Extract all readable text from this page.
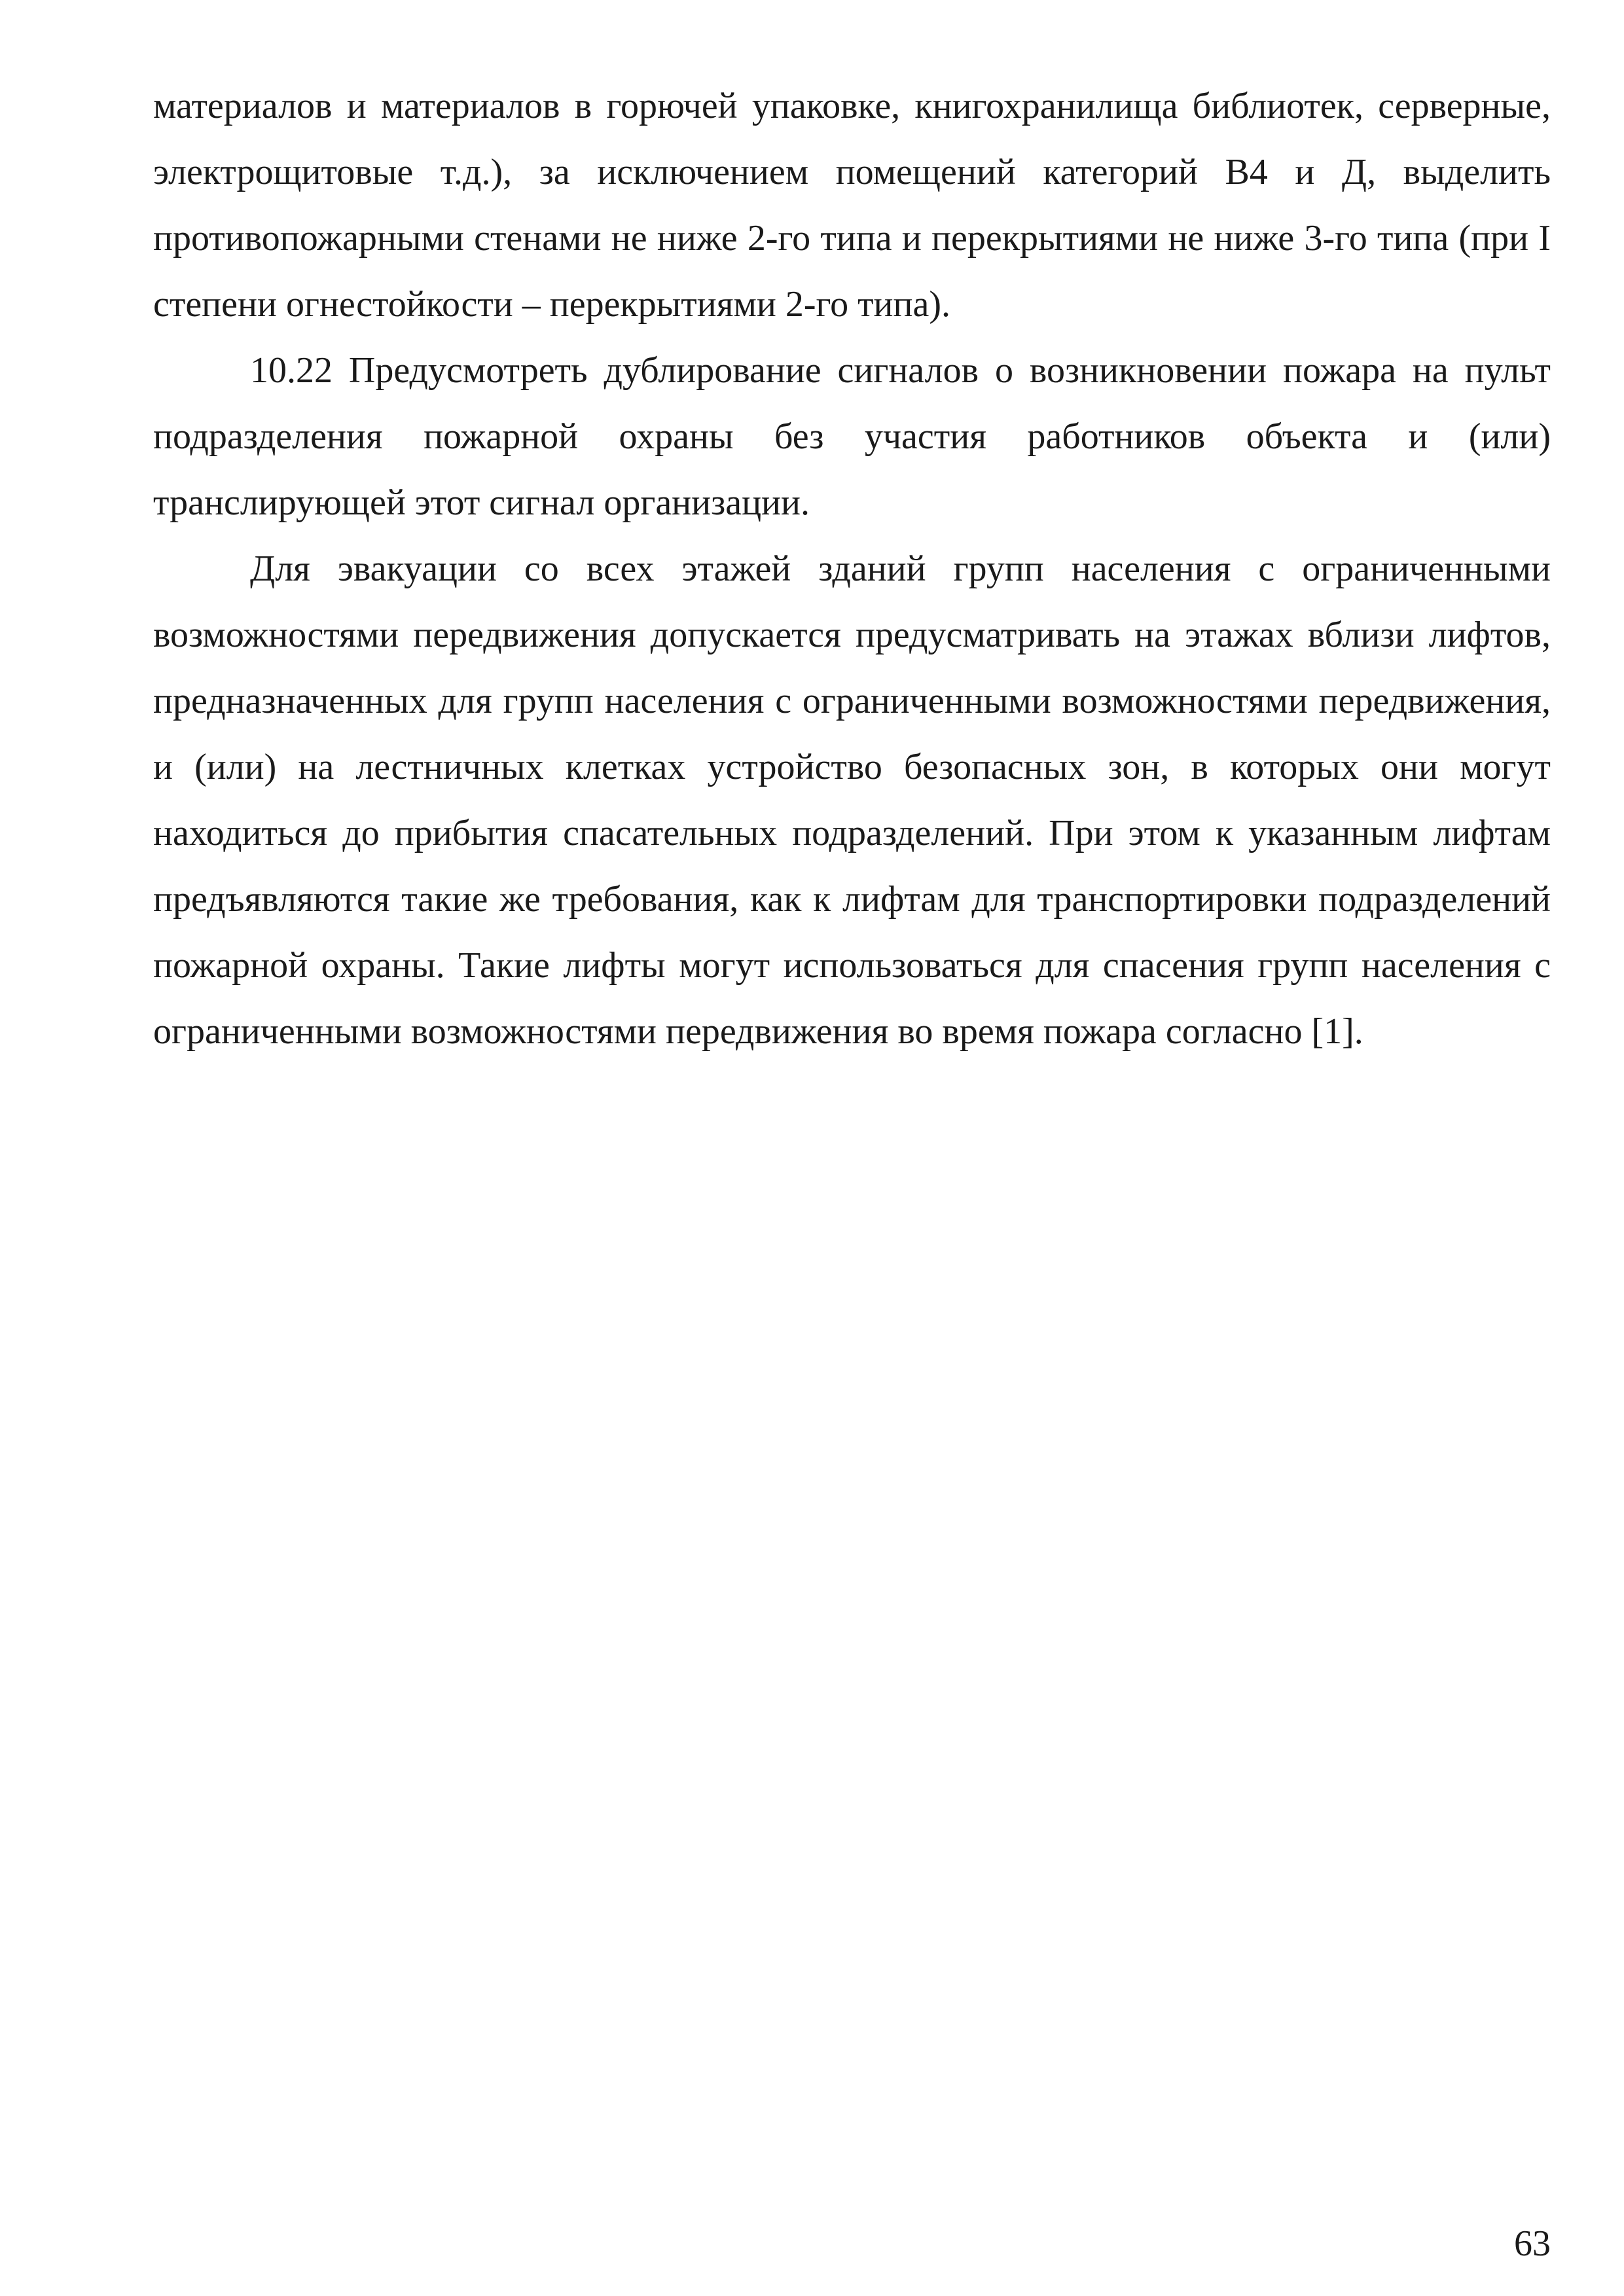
материалов и материалов в горючей упаковке, книгохранилища библиотек, серверные, электрощитовые т.д.), за исключением помещений категорий В4 и Д, выделить противопожарными стенами не ниже 2-го типа и перекрытиями не ниже 3-го типа (при I степени огнестойкости – перекрытиями 2-го типа).

10.22 Предусмотреть дублирование сигналов о возникновении пожара на пульт подразделения пожарной охраны без участия работников объекта и (или) транслирующей этот сигнал организации.

Для эвакуации со всех этажей зданий групп населения с ограниченными возможностями передвижения допускается предусматривать на этажах вблизи лифтов, предназначенных для групп населения с ограниченными возможностями передвижения, и (или) на лестничных клетках устройство безопасных зон, в которых они могут находиться до прибытия спасательных подразделений. При этом к указанным лифтам предъявляются такие же требования, как к лифтам для транспортировки подразделений пожарной охраны. Такие лифты могут использоваться для спасения групп населения с ограниченными возможностями передвижения во время пожара согласно [1].

63
